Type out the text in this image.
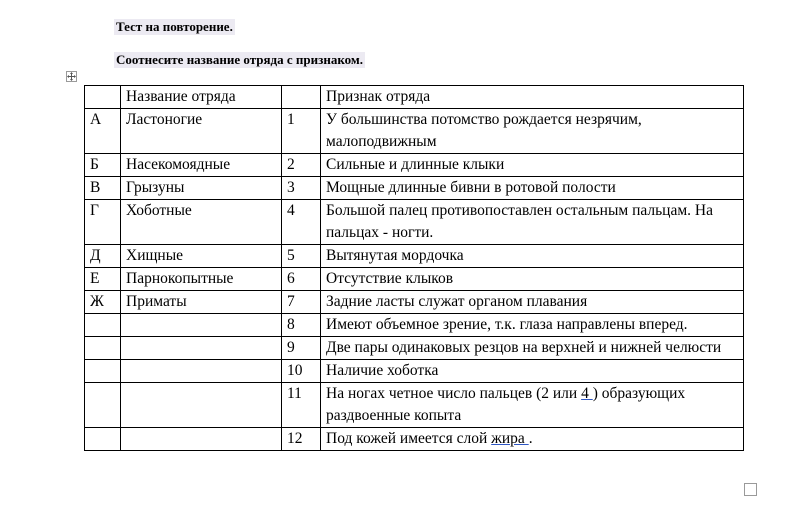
Тест на повторение.
Соотнесите название отряда с признаком.
	Название отряда		Признак отряда
А	Ластоногие	1	У большинства потомство рождается незрячим, малоподвижным
Б	Насекомоядные	2	Сильные и длинные клыки
В	Грызуны	3	Мощные длинные бивни в ротовой полости
Г	Хоботные	4	Большой палец противопоставлен остальным пальцам. На пальцах - ногти.
Д	Хищные	5	Вытянутая мордочка
Е	Парнокопытные	6	Отсутствие клыков
Ж	Приматы	7	Задние ласты служат органом плавания
		8	Имеют объемное зрение, т.к. глаза направлены вперед.
		9	Две пары одинаковых резцов на верхней и нижней челюсти
		10	Наличие хоботка
		11	На ногах четное число пальцев (2 или 4 ) образующих раздвоенные копыта
		12	Под кожей имеется слой жира .
